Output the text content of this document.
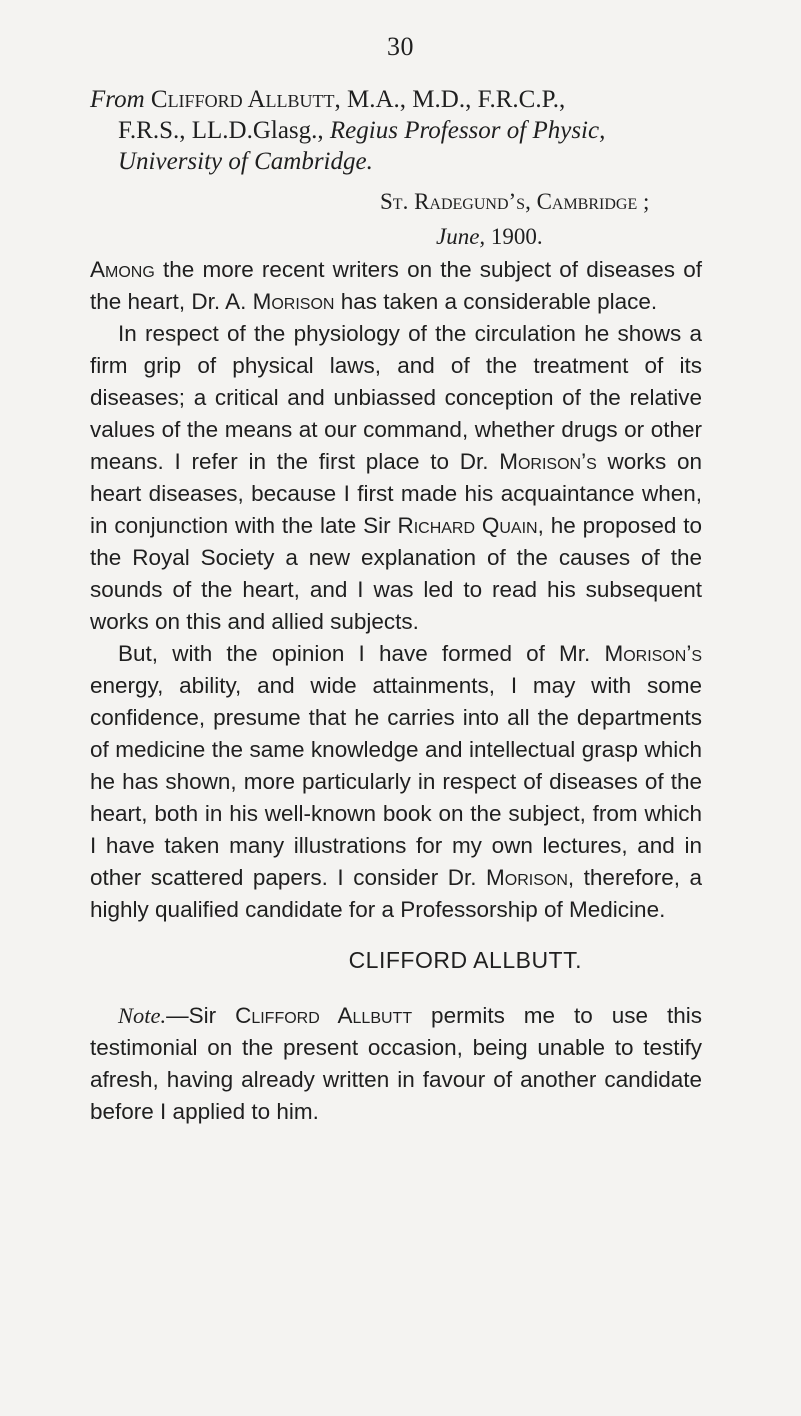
30
From Clifford Allbutt, M.A., M.D., F.R.C.P.,
F.R.S., LL.D.Glasg., Regius Professor of Physic,
University of Cambridge.
St. Radegund’s, Cambridge ;
June, 1900.

Among the more recent writers on the subject of diseases of the heart, Dr. A. Morison has taken a considerable place.

In respect of the physiology of the circulation he shows a firm grip of physical laws, and of the treatment of its diseases; a critical and unbiassed conception of the relative values of the means at our command, whether drugs or other means. I refer in the first place to Dr. Morison’s works on heart diseases, because I first made his acquaintance when, in conjunction with the late Sir Richard Quain, he proposed to the Royal Society a new explanation of the causes of the sounds of the heart, and I was led to read his subsequent works on this and allied subjects.

But, with the opinion I have formed of Mr. Morison’s energy, ability, and wide attainments, I may with some confidence, presume that he carries into all the departments of medicine the same knowledge and intellectual grasp which he has shown, more particularly in respect of diseases of the heart, both in his well-known book on the subject, from which I have taken many illustrations for my own lectures, and in other scattered papers. I consider Dr. Morison, therefore, a highly qualified candidate for a Professorship of Medicine.

CLIFFORD ALLBUTT.

Note.—Sir Clifford Allbutt permits me to use this testimonial on the present occasion, being unable to testify afresh, having already written in favour of another candidate before I applied to him.
